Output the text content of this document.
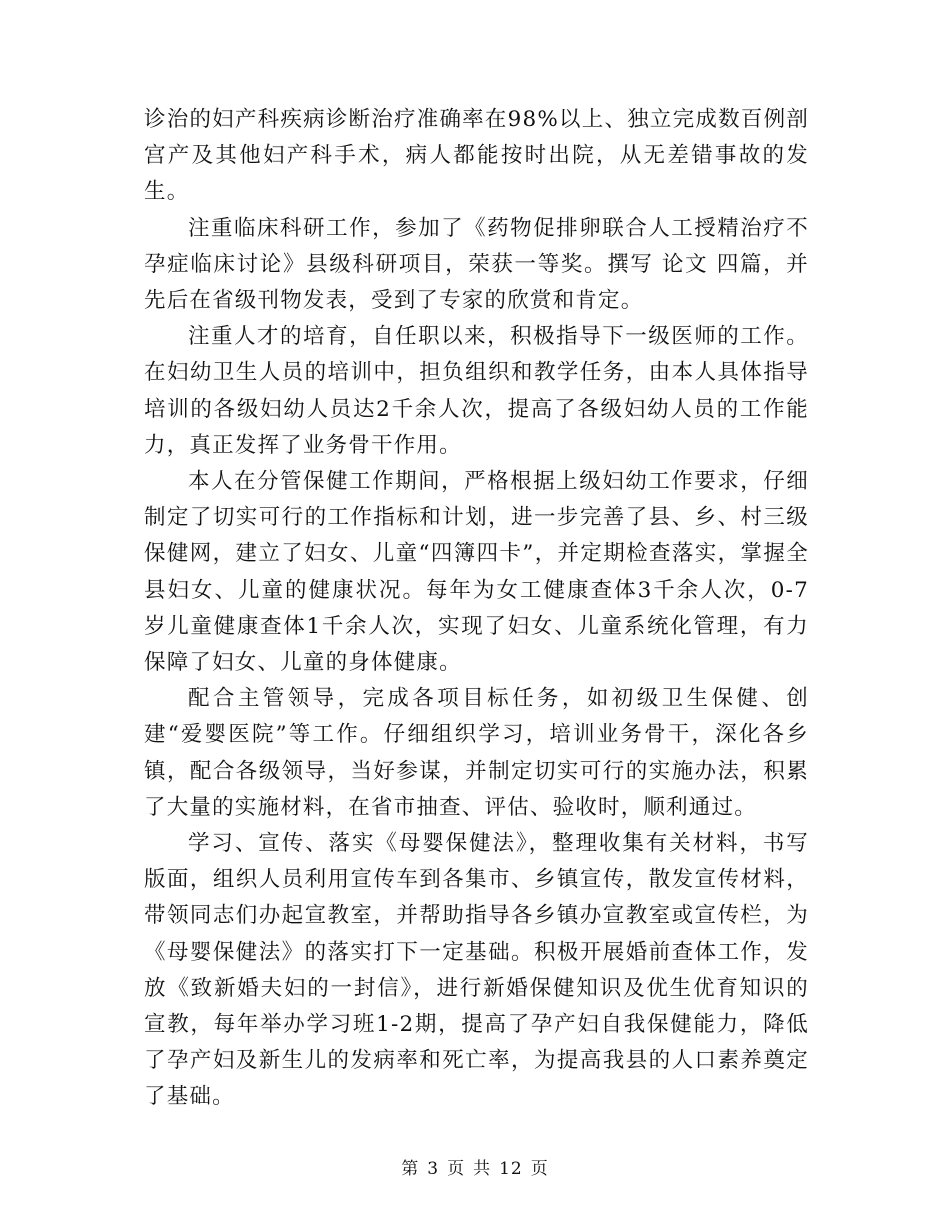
诊治的妇产科疾病诊断治疗准确率在98%以上、独立完成数百例剖宫产及其他妇产科手术，病人都能按时出院，从无差错事故的发生。

注重临床科研工作，参加了《药物促排卵联合人工授精治疗不孕症临床讨论》县级科研项目，荣获一等奖。撰写 论文 四篇，并先后在省级刊物发表，受到了专家的欣赏和肯定。

注重人才的培育，自任职以来，积极指导下一级医师的工作。在妇幼卫生人员的培训中，担负组织和教学任务，由本人具体指导培训的各级妇幼人员达2千余人次，提高了各级妇幼人员的工作能力，真正发挥了业务骨干作用。

本人在分管保健工作期间，严格根据上级妇幼工作要求，仔细制定了切实可行的工作指标和计划，进一步完善了县、乡、村三级保健网，建立了妇女、儿童“四簿四卡”，并定期检查落实，掌握全县妇女、儿童的健康状况。每年为女工健康查体3千余人次，0-7岁儿童健康查体1千余人次，实现了妇女、儿童系统化管理，有力保障了妇女、儿童的身体健康。

配合主管领导，完成各项目标任务，如初级卫生保健、创建“爱婴医院”等工作。仔细组织学习，培训业务骨干，深化各乡镇，配合各级领导，当好参谋，并制定切实可行的实施办法，积累了大量的实施材料，在省市抽查、评估、验收时，顺利通过。

学习、宣传、落实《母婴保健法》，整理收集有关材料，书写版面，组织人员利用宣传车到各集市、乡镇宣传，散发宣传材料，带领同志们办起宣教室，并帮助指导各乡镇办宣教室或宣传栏，为《母婴保健法》的落实打下一定基础。积极开展婚前查体工作，发放《致新婚夫妇的一封信》，进行新婚保健知识及优生优育知识的宣教，每年举办学习班1-2期，提高了孕产妇自我保健能力，降低了孕产妇及新生儿的发病率和死亡率，为提高我县的人口素养奠定了基础。

第 3 页 共 12 页
